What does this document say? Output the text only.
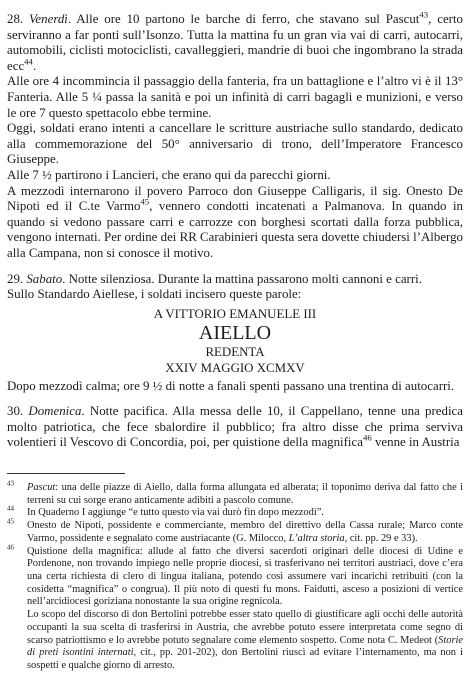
28. Venerdì. Alle ore 10 partono le barche di ferro, che stavano sul Pascut$^{43}$, certo serviranno a far ponti sull’Isonzo. Tutta la mattina fu un gran via vai di carri, autocarri, automobili, ciclisti motociclisti, cavalleggieri, mandrie di buoi che ingombrano la strada ecc$^{44}$.

Alle ore 4 incommincia il passaggio della fanteria, fra un battaglione e l’altro vi è il 13° Fanteria. Alle 5 ¼ passa la sanità e poi un infinità di carri bagagli e munizioni, e verso le ore 7 questo spettacolo ebbe termine.

Oggi, soldati erano intenti a cancellare le scritture austriache sullo standardo, dedicato alla commemorazione del 50° anniversario di trono, dell’Imperatore Francesco Giuseppe.

Alle 7 ½ partirono i Lancieri, che erano qui da parecchi giorni.

A mezzodì internarono il povero Parroco don Giuseppe Calligaris, il sig. Onesto De Nipoti ed il C.te Varmo$^{45}$, vennero condotti incatenati a Palmanova. In quando in quando si vedono passare carri e carrozze con borghesi scortati dalla forza pubblica, vengono internati. Per ordine dei RR Carabinieri questa sera dovette chiudersi l’Albergo alla Campana, non si conosce il motivo.

29. Sabato. Notte silenziosa. Durante la mattina passarono molti cannoni e carri.

Sullo Standardo Aiellese, i soldati incisero queste parole:

A VITTORIO EMANUELE III
AIELLO
REDENTA
XXIV MAGGIO XCMXV

Dopo mezzodì calma; ore 9 ½ di notte a fanali spenti passano una trentina di autocarri.

30. Domenica. Notte pacifica. Alla messa delle 10, il Cappellano, tenne una predica molto patriotica, che fece sbalordire il pubblico; fra altro disse che prima serviva volentieri il Vescovo di Concordia, poi, per quistione della magnifica$^{46}$ venne in Austria

$^{43}$	Pascut: una delle piazze di Aiello, dalla forma allungata ed alberata; il toponimo deriva dal fatto che i terreni su cui sorge erano anticamente adibiti a pascolo comune.
$^{44}$	In Quaderno I aggiunge “e tutto questo via vai durò fin dopo mezzodì”.
$^{45}$	Onesto de Nipoti, possidente e commerciante, membro del direttivo della Cassa rurale; Marco conte Varmo, possidente e segnalato come austriacante (G. Milocco, L’altra storia, cit. pp. 29 e 33).
$^{46}$	Quistione della magnifica: allude al fatto che diversi sacerdoti originari delle diocesi di Udine e Pordenone, non trovando impiego nelle proprie diocesi, si trasferivano nei territori austriaci, dove c’era una certa richiesta di clero di lingua italiana, potendo così assumere vari incarichi retribuiti (con la cosidetta “magnifica” o congrua). Il più noto di questi fu mons. Faidutti, asceso a posizioni di vertice nell’arcidiocesi goriziana nonostante la sua origine regnicola.
Lo scopo del discorso di don Bertolini potrebbe esser stato quello di giustificare agli occhi delle autorità occupanti la sua scelta di trasferirsi in Austria, che avrebbe potuto essere interpretata come segno di scarso patriottismo e lo avrebbe potuto segnalare come elemento sospetto. Come nota C. Medeot (Storie di preti isontini internati, cit., pp. 201-202), don Bertolini riuscì ad evitare l’internamento, ma non i sospetti e qualche giorno di arresto.
